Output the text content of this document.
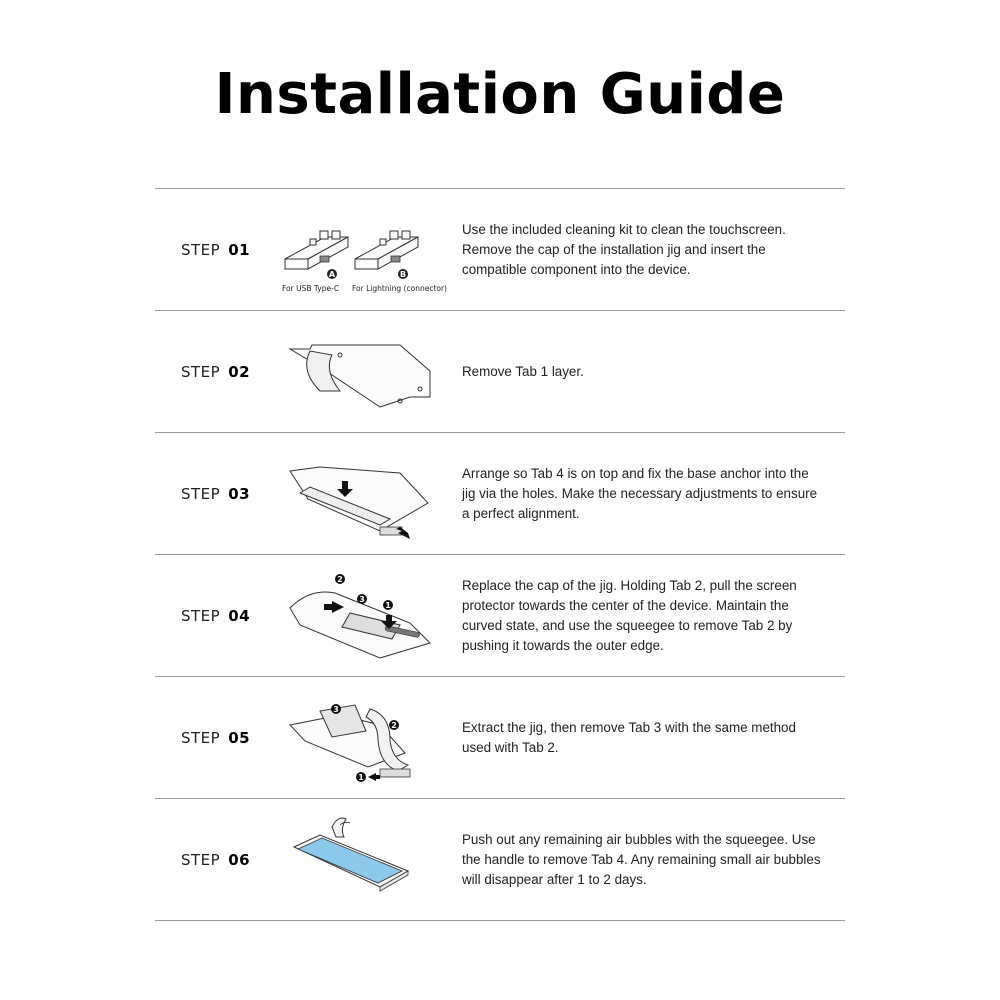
Installation Guide
STEP 01
A	B
For USB Type-C For Lightning (connector)
Use the included cleaning kit to clean the touchscreen. Remove the cap of the installation jig and insert the compatible component into the device.
STEP 02	Remove Tab 1 layer.
STEP 03
Arrange so Tab 4 is on top and fix the base anchor into the jig via the holes. Make the necessary adjustments to ensure a perfect alignment.
STEP 04
2
3
1
Replace the cap of the jig. Holding Tab 2, pull the screen protector towards the center of the device. Maintain the curved state, and use the squeegee to remove Tab 2 by pushing it towards the outer edge.
STEP 05
3
2
1
Extract the jig, then remove Tab 3 with the same method used with Tab 2.
STEP 06
Push out any remaining air bubbles with the squeegee. Use the handle to remove Tab 4. Any remaining small air bubbles will disappear after 1 to 2 days.
